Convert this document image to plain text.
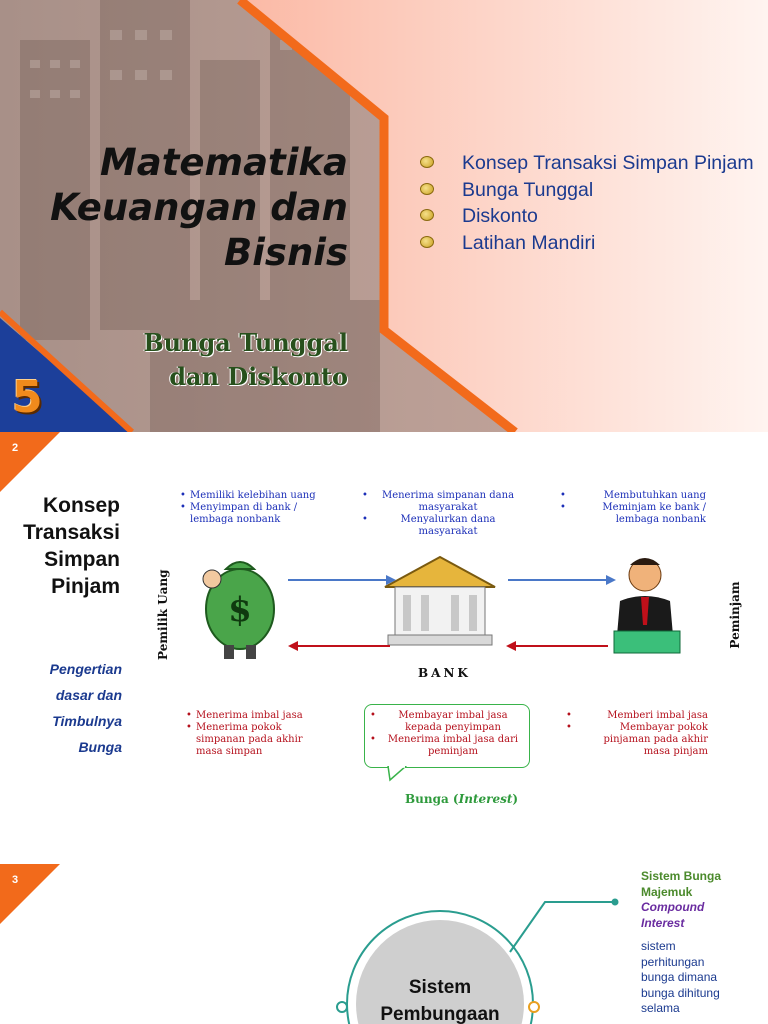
Matematika
Keuangan dan
Bisnis
Bunga Tunggal
dan Diskonto
5
Konsep Transaksi Simpan Pinjam
Bunga Tunggal
Diskonto
Latihan Mandiri
2
Konsep
Transaksi
Simpan
Pinjam
Pengertian
dasar dan
Timbulnya
Bunga
Pemilik Uang	Peminjam
• Memiliki kelebihan uang
• Menyimpan di bank / lembaga nonbank
• Menerima simpanan dana masyarakat
• Menyalurkan dana masyarakat
• Membutuhkan uang
• Meminjam ke bank / lembaga nonbank
$
BANK
• Menerima imbal jasa
• Menerima pokok simpanan pada akhir masa simpan
• Membayar imbal jasa kepada penyimpan
• Menerima imbal jasa dari peminjam
• Memberi imbal jasa
• Membayar pokok pinjaman pada akhir masa pinjam
Bunga (Interest)
3
Sistem
Pembungaan
Sistem Bunga
Majemuk
Compound
Interest
sistem
perhitungan
bunga dimana
bunga dihitung
selama
